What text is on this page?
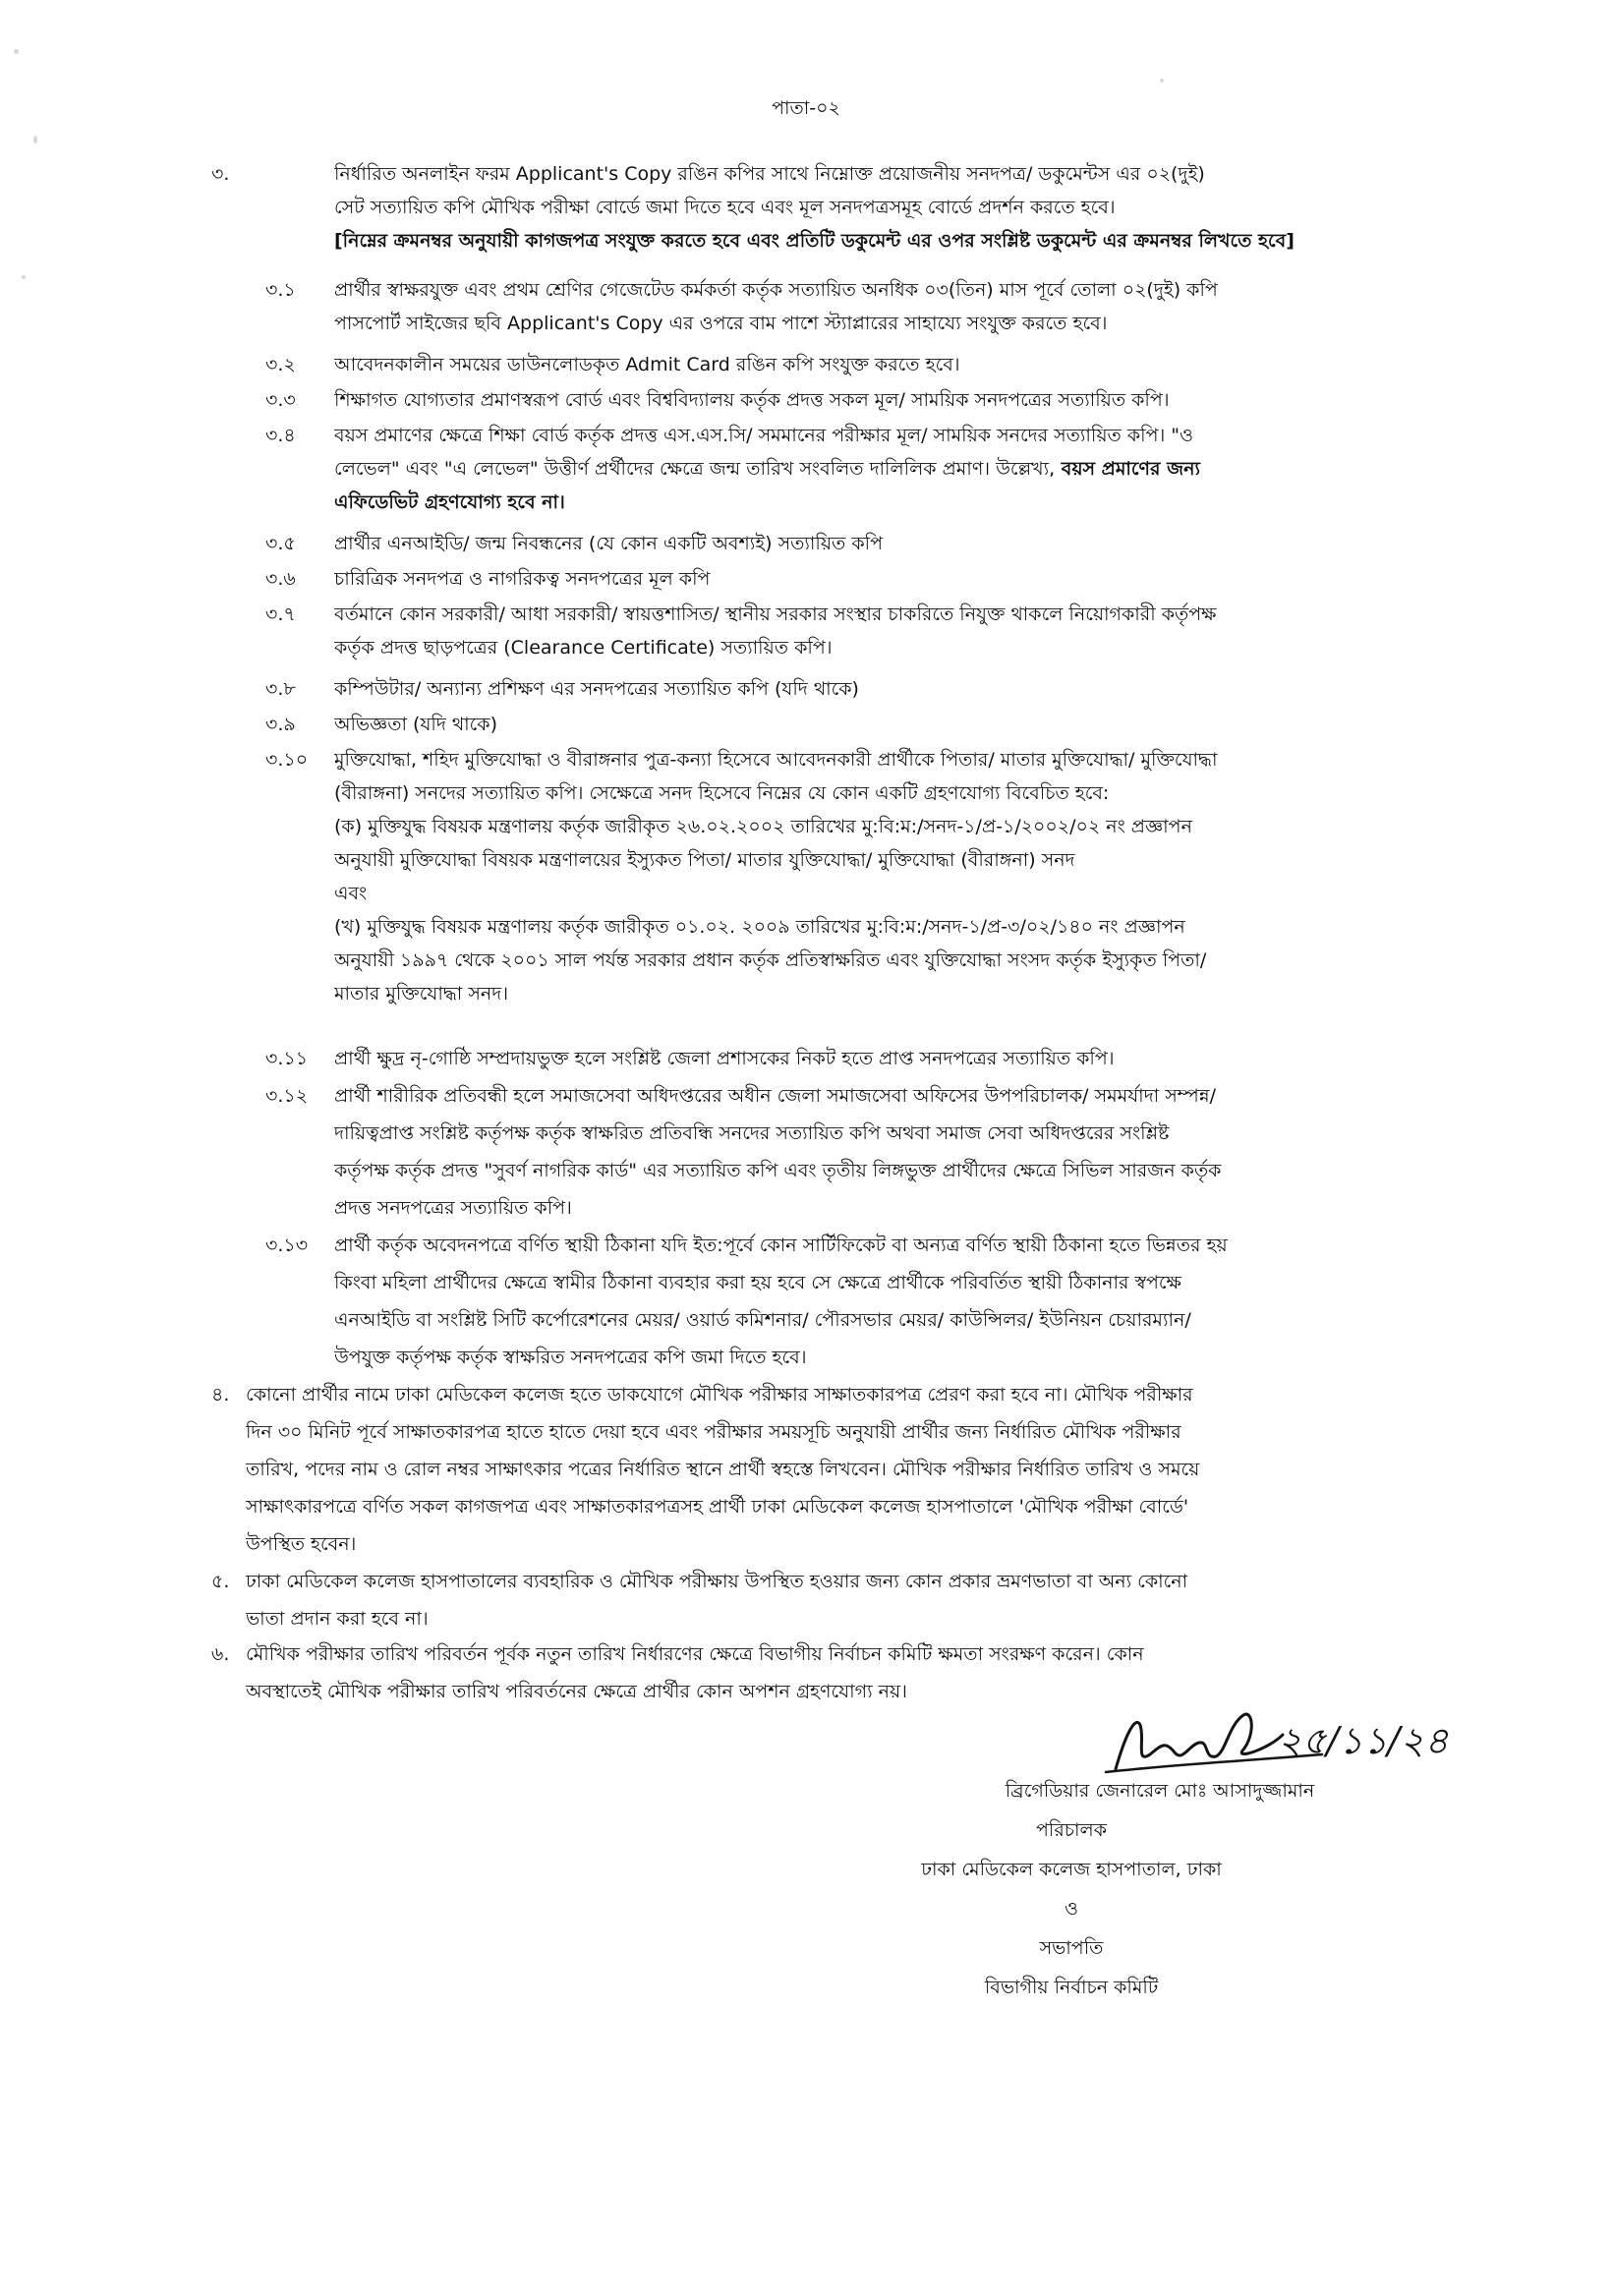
পাতা-০২
৩.	নির্ধারিত অনলাইন ফরম Applicant's Copy রঙিন কপির সাথে নিম্নোক্ত প্রয়োজনীয় সনদপত্র/ ডকুমেন্টস এর ০২(দুই)
সেট সত্যায়িত কপি মৌখিক পরীক্ষা বোর্ডে জমা দিতে হবে এবং মূল সনদপত্রসমূহ বোর্ডে প্রদর্শন করতে হবে।
[নিম্নের ক্রমনম্বর অনুযায়ী কাগজপত্র সংযুক্ত করতে হবে এবং প্রতিটি ডকুমেন্ট এর ওপর সংশ্লিষ্ট ডকুমেন্ট এর ক্রমনম্বর লিখতে হবে]
৩.১ প্রার্থীর স্বাক্ষরযুক্ত এবং প্রথম শ্রেণির গেজেটেড কর্মকর্তা কর্তৃক সত্যায়িত অনধিক ০৩(তিন) মাস পূর্বে তোলা ০২(দুই) কপি
পাসপোর্ট সাইজের ছবি Applicant's Copy এর ওপরে বাম পাশে স্ট্যাপ্লারের সাহায্যে সংযুক্ত করতে হবে।
৩.২ আবেদনকালীন সময়ের ডাউনলোডকৃত Admit Card রঙিন কপি সংযুক্ত করতে হবে।
৩.৩ শিক্ষাগত যোগ্যতার প্রমাণস্বরূপ বোর্ড এবং বিশ্ববিদ্যালয় কর্তৃক প্রদত্ত সকল মূল/ সাময়িক সনদপত্রের সত্যায়িত কপি।
৩.৪ বয়স প্রমাণের ক্ষেত্রে শিক্ষা বোর্ড কর্তৃক প্রদত্ত এস.এস.সি/ সমমানের পরীক্ষার মূল/ সাময়িক সনদের সত্যায়িত কপি। "ও
লেভেল" এবং "এ লেভেল" উত্তীর্ণ প্রর্থীদের ক্ষেত্রে জন্ম তারিখ সংবলিত দালিলিক প্রমাণ। উল্লেখ্য, বয়স প্রমাণের জন্য
এফিডেভিট গ্রহণযোগ্য হবে না।
৩.৫ প্রার্থীর এনআইডি/ জন্ম নিবন্ধনের (যে কোন একটি অবশ্যই) সত্যায়িত কপি
৩.৬ চারিত্রিক সনদপত্র ও নাগরিকত্ব সনদপত্রের মূল কপি
৩.৭ বর্তমানে কোন সরকারী/ আধা সরকারী/ স্বায়ত্তশাসিত/ স্থানীয় সরকার সংস্থার চাকরিতে নিযুক্ত থাকলে নিয়োগকারী কর্তৃপক্ষ
কর্তৃক প্রদত্ত ছাড়পত্রের (Clearance Certificate) সত্যায়িত কপি।
৩.৮ কম্পিউটার/ অন্যান্য প্রশিক্ষণ এর সনদপত্রের সত্যায়িত কপি (যদি থাকে)
৩.৯ অভিজ্ঞতা (যদি থাকে)
৩.১০ মুক্তিযোদ্ধা, শহিদ মুক্তিযোদ্ধা ও বীরাঙ্গনার পুত্র-কন্যা হিসেবে আবেদনকারী প্রার্থীকে পিতার/ মাতার মুক্তিযোদ্ধা/ মুক্তিযোদ্ধা
(বীরাঙ্গনা) সনদের সত্যায়িত কপি। সেক্ষেত্রে সনদ হিসেবে নিম্নের যে কোন একটি গ্রহণযোগ্য বিবেচিত হবে:
(ক) মুক্তিযুদ্ধ বিষয়ক মন্ত্রণালয় কর্তৃক জারীকৃত ২৬.০২.২০০২ তারিখের মু:বি:ম:/সনদ-১/প্র-১/২০০২/০২ নং প্রজ্ঞাপন
অনুযায়ী মুক্তিযোদ্ধা বিষয়ক মন্ত্রণালয়ের ইস্যুকত পিতা/ মাতার যুক্তিযোদ্ধা/ মুক্তিযোদ্ধা (বীরাঙ্গনা) সনদ
এবং
(খ) মুক্তিযুদ্ধ বিষয়ক মন্ত্রণালয় কর্তৃক জারীকৃত ০১.০২. ২০০৯ তারিখের মু:বি:ম:/সনদ-১/প্র-৩/০২/১৪০ নং প্রজ্ঞাপন
অনুযায়ী ১৯৯৭ থেকে ২০০১ সাল পর্যন্ত সরকার প্রধান কর্তৃক প্রতিস্বাক্ষরিত এবং যুক্তিযোদ্ধা সংসদ কর্তৃক ইস্যুকৃত পিতা/
মাতার মুক্তিযোদ্ধা সনদ।
৩.১১ প্রার্থী ক্ষুদ্র নৃ-গোষ্ঠি সম্প্রদায়ভুক্ত হলে সংশ্লিষ্ট জেলা প্রশাসকের নিকট হতে প্রাপ্ত সনদপত্রের সত্যায়িত কপি।
৩.১২ প্রার্থী শারীরিক প্রতিবন্ধী হলে সমাজসেবা অধিদপ্তরের অধীন জেলা সমাজসেবা অফিসের উপপরিচালক/ সমমর্যাদা সম্পন্ন/
দায়িত্বপ্রাপ্ত সংশ্লিষ্ট কর্তৃপক্ষ কর্তৃক স্বাক্ষরিত প্রতিবন্ধি সনদের সত্যায়িত কপি অথবা সমাজ সেবা অধিদপ্তরের সংশ্লিষ্ট
কর্তৃপক্ষ কর্তৃক প্রদত্ত "সুবর্ণ নাগরিক কার্ড" এর সত্যায়িত কপি এবং তৃতীয় লিঙ্গভুক্ত প্রার্থীদের ক্ষেত্রে সিভিল সারজন কর্তৃক
প্রদত্ত সনদপত্রের সত্যায়িত কপি।
৩.১৩ প্রার্থী কর্তৃক অবেদনপত্রে বর্ণিত স্থায়ী ঠিকানা যদি ইত:পূর্বে কোন সার্টিফিকেট বা অন্যত্র বর্ণিত স্থায়ী ঠিকানা হতে ভিন্নতর হয়
কিংবা মহিলা প্রার্থীদের ক্ষেত্রে স্বামীর ঠিকানা ব্যবহার করা হয় হবে সে ক্ষেত্রে প্রার্থীকে পরিবর্তিত স্থায়ী ঠিকানার স্বপক্ষে
এনআইডি বা সংশ্লিষ্ট সিটি কর্পোরেশনের মেয়র/ ওয়ার্ড কমিশনার/ পৌরসভার মেয়র/ কাউন্সিলর/ ইউনিয়ন চেয়ারম্যান/
উপযুক্ত কর্তৃপক্ষ কর্তৃক স্বাক্ষরিত সনদপত্রের কপি জমা দিতে হবে।
৪. কোনো প্রার্থীর নামে ঢাকা মেডিকেল কলেজ হতে ডাকযোগে মৌখিক পরীক্ষার সাক্ষাতকারপত্র প্রেরণ করা হবে না। মৌখিক পরীক্ষার
দিন ৩০ মিনিট পূর্বে সাক্ষাতকারপত্র হাতে হাতে দেয়া হবে এবং পরীক্ষার সময়সূচি অনুযায়ী প্রার্থীর জন্য নির্ধারিত মৌখিক পরীক্ষার
তারিখ, পদের নাম ও রোল নম্বর সাক্ষাৎকার পত্রের নির্ধারিত স্থানে প্রার্থী স্বহস্তে লিখবেন। মৌখিক পরীক্ষার নির্ধারিত তারিখ ও সময়ে
সাক্ষাৎকারপত্রে বর্ণিত সকল কাগজপত্র এবং সাক্ষাতকারপত্রসহ প্রার্থী ঢাকা মেডিকেল কলেজ হাসপাতালে 'মৌখিক পরীক্ষা বোর্ডে'
উপস্থিত হবেন।
৫. ঢাকা মেডিকেল কলেজ হাসপাতালের ব্যবহারিক ও মৌখিক পরীক্ষায় উপস্থিত হওয়ার জন্য কোন প্রকার ভ্রমণভাতা বা অন্য কোনো
ভাতা প্রদান করা হবে না।
৬. মৌখিক পরীক্ষার তারিখ পরিবর্তন পূর্বক নতুন তারিখ নির্ধারণের ক্ষেত্রে বিভাগীয় নির্বাচন কমিটি ক্ষমতা সংরক্ষণ করেন। কোন
অবস্থাতেই মৌখিক পরীক্ষার তারিখ পরিবর্তনের ক্ষেত্রে প্রার্থীর কোন অপশন গ্রহণযোগ্য নয়।
২৫/১১/২৪
ব্রিগেডিয়ার জেনারেল মোঃ আসাদুজ্জামান
পরিচালক
ঢাকা মেডিকেল কলেজ হাসপাতাল, ঢাকা
ও
সভাপতি
বিভাগীয় নির্বাচন কমিটি
